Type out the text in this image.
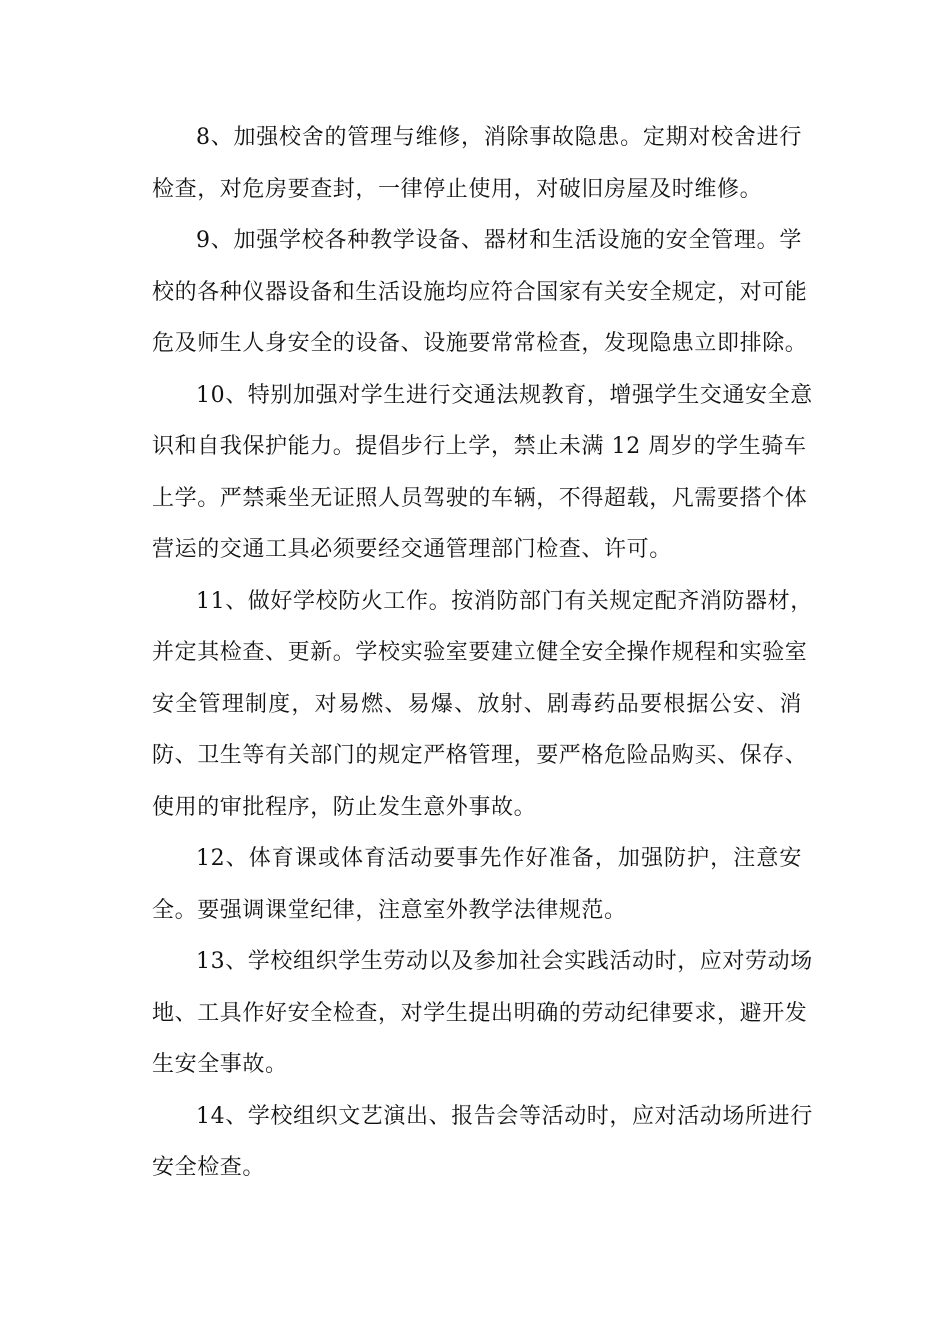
8、加强校舍的管理与维修，消除事故隐患。定期对校舍进行
检查，对危房要查封，一律停止使用，对破旧房屋及时维修。
9、加强学校各种教学设备、器材和生活设施的安全管理。学
校的各种仪器设备和生活设施均应符合国家有关安全规定，对可能
危及师生人身安全的设备、设施要常常检查，发现隐患立即排除。
10、特别加强对学生进行交通法规教育，增强学生交通安全意
识和自我保护能力。提倡步行上学，禁止未满 12 周岁的学生骑车
上学。严禁乘坐无证照人员驾驶的车辆，不得超载，凡需要搭个体
营运的交通工具必须要经交通管理部门检查、许可。
11、做好学校防火工作。按消防部门有关规定配齐消防器材，
并定其检查、更新。学校实验室要建立健全安全操作规程和实验室
安全管理制度，对易燃、易爆、放射、剧毒药品要根据公安、消
防、卫生等有关部门的规定严格管理，要严格危险品购买、保存、
使用的审批程序，防止发生意外事故。
12、体育课或体育活动要事先作好准备，加强防护，注意安
全。要强调课堂纪律，注意室外教学法律规范。
13、学校组织学生劳动以及参加社会实践活动时，应对劳动场
地、工具作好安全检查，对学生提出明确的劳动纪律要求，避开发
生安全事故。
14、学校组织文艺演出、报告会等活动时，应对活动场所进行
安全检查。
